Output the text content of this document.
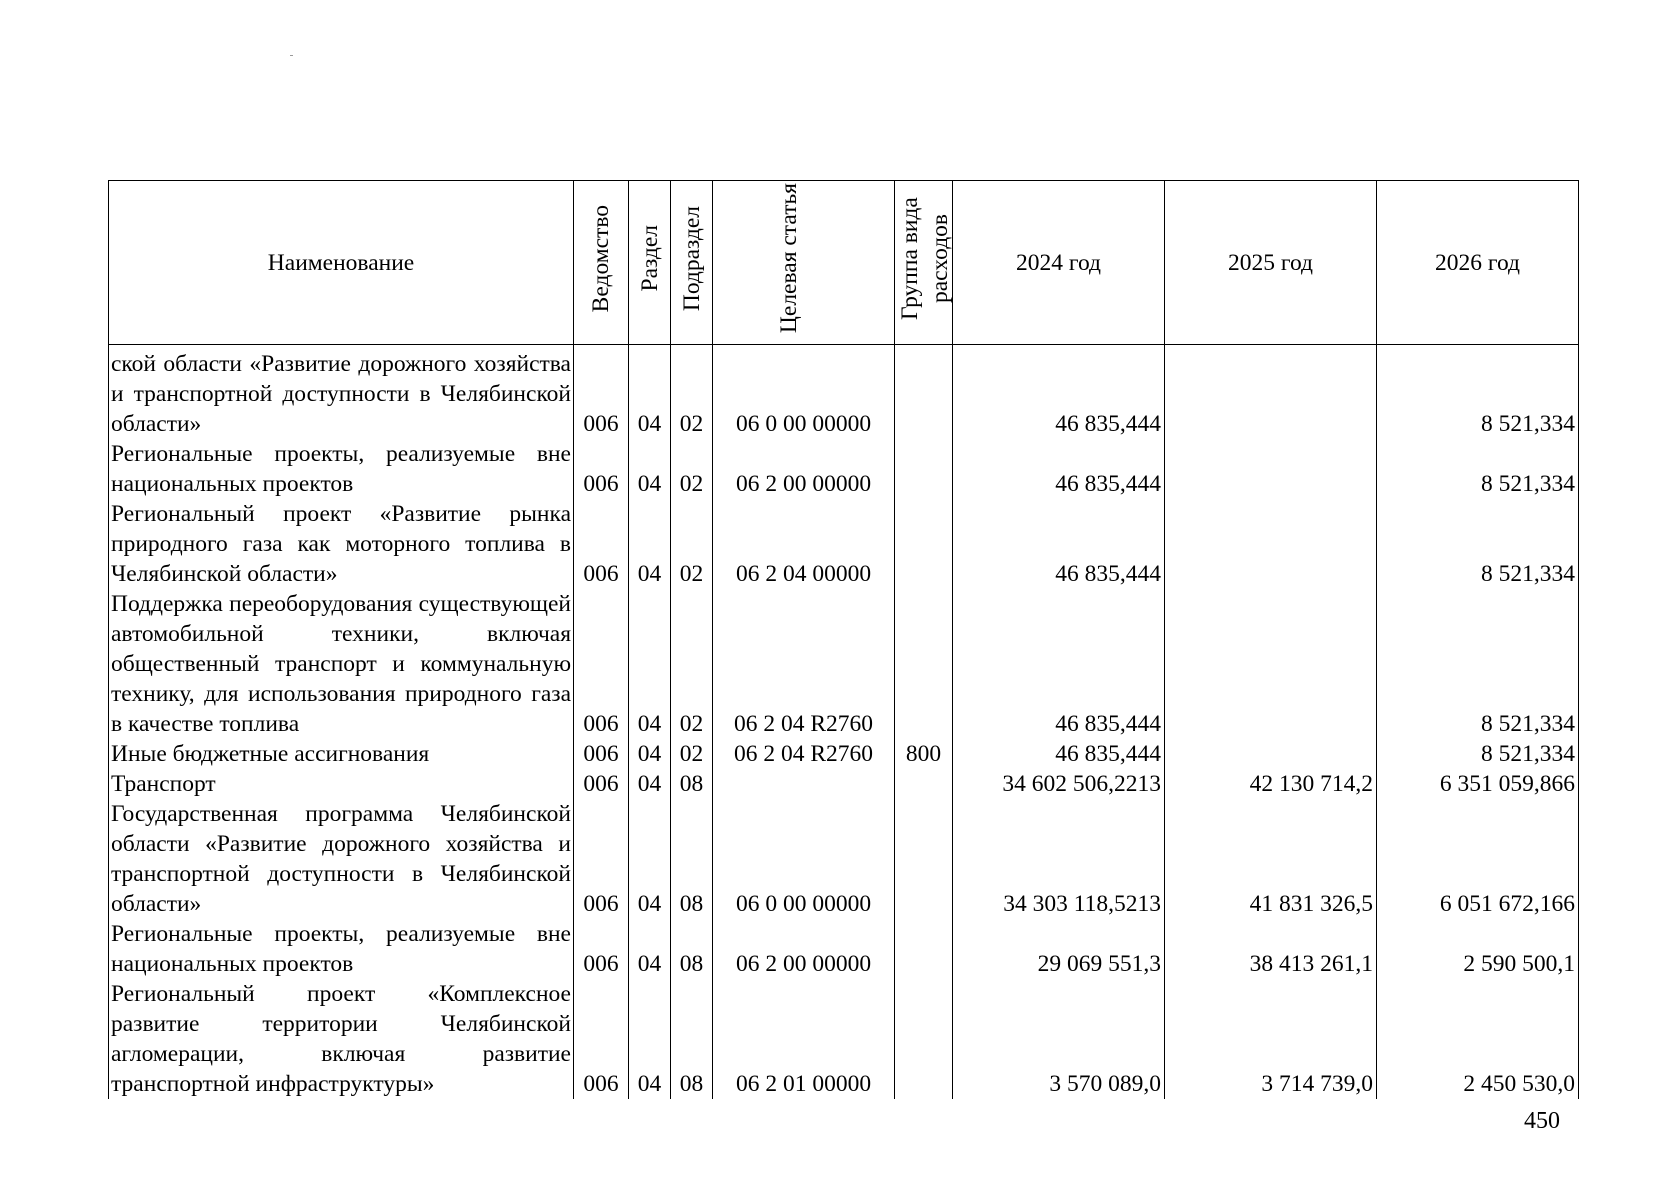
Наименование	Ведомство	Раздел	Подраздел	Целевая статья	Группа вида расходов	2024 год	2025 год	2026 год
ской области «Развитие дорожного хозяйства и транспортной доступности в Челябинской области»	006	04	02	06 0 00 00000		46 835,444		8 521,334
Региональные проекты, реализуемые вне национальных проектов	006	04	02	06 2 00 00000		46 835,444		8 521,334
Региональный проект «Развитие рынка природного газа как моторного топлива в Челябинской области»	006	04	02	06 2 04 00000		46 835,444		8 521,334
Поддержка переоборудования существующей автомобильной техники, включая общественный транспорт и коммунальную технику, для использования природного газа в качестве топлива	006	04	02	06 2 04 R2760		46 835,444		8 521,334
Иные бюджетные ассигнования	006	04	02	06 2 04 R2760	800	46 835,444		8 521,334
Транспорт	006	04	08			34 602 506,2213	42 130 714,2	6 351 059,866
Государственная программа Челябинской области «Развитие дорожного хозяйства и транспортной доступности в Челябинской области»	006	04	08	06 0 00 00000		34 303 118,5213	41 831 326,5	6 051 672,166
Региональные проекты, реализуемые вне национальных проектов	006	04	08	06 2 00 00000		29 069 551,3	38 413 261,1	2 590 500,1
Региональный проект «Комплексное развитие территории Челябинской агломерации, включая развитие транспортной инфраструктуры»	006	04	08	06 2 01 00000		3 570 089,0	3 714 739,0	2 450 530,0
450
